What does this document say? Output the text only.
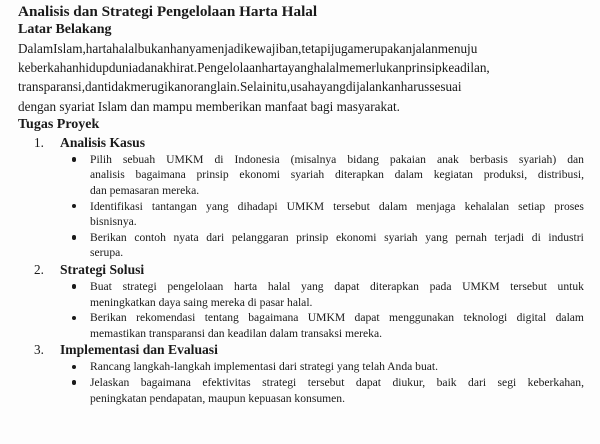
Analisis dan Strategi Pengelolaan Harta Halal
Latar Belakang

DalamIslam,hartahalalbukanhanyamenjadikewajiban,tetapijugamerupakanjalanmenuju
keberkahanhidupduniadanakhirat.Pengelolaanhartayanghalalmemerlukanprinsipkeadilan,
transparansi,dantidakmerugikanoranglain.Selainitu,usahayangdijalankanharussesuai
dengan syariat Islam dan mampu memberikan manfaat bagi masyarakat.

Tugas Proyek
1. Analisis Kasus
Pilih sebuah UMKM di Indonesia (misalnya bidang pakaian anak berbasis syariah) dan
analisis bagaimana prinsip ekonomi syariah diterapkan dalam kegiatan produksi, distribusi,
dan pemasaran mereka.
Identifikasi tantangan yang dihadapi UMKM tersebut dalam menjaga kehalalan setiap proses
bisnisnya.
Berikan contoh nyata dari pelanggaran prinsip ekonomi syariah yang pernah terjadi di industri
serupa.
2. Strategi Solusi
Buat strategi pengelolaan harta halal yang dapat diterapkan pada UMKM tersebut untuk
meningkatkan daya saing mereka di pasar halal.
Berikan rekomendasi tentang bagaimana UMKM dapat menggunakan teknologi digital dalam
memastikan transparansi dan keadilan dalam transaksi mereka.
3. Implementasi dan Evaluasi
Rancang langkah-langkah implementasi dari strategi yang telah Anda buat.
Jelaskan bagaimana efektivitas strategi tersebut dapat diukur, baik dari segi keberkahan,
peningkatan pendapatan, maupun kepuasan konsumen.
